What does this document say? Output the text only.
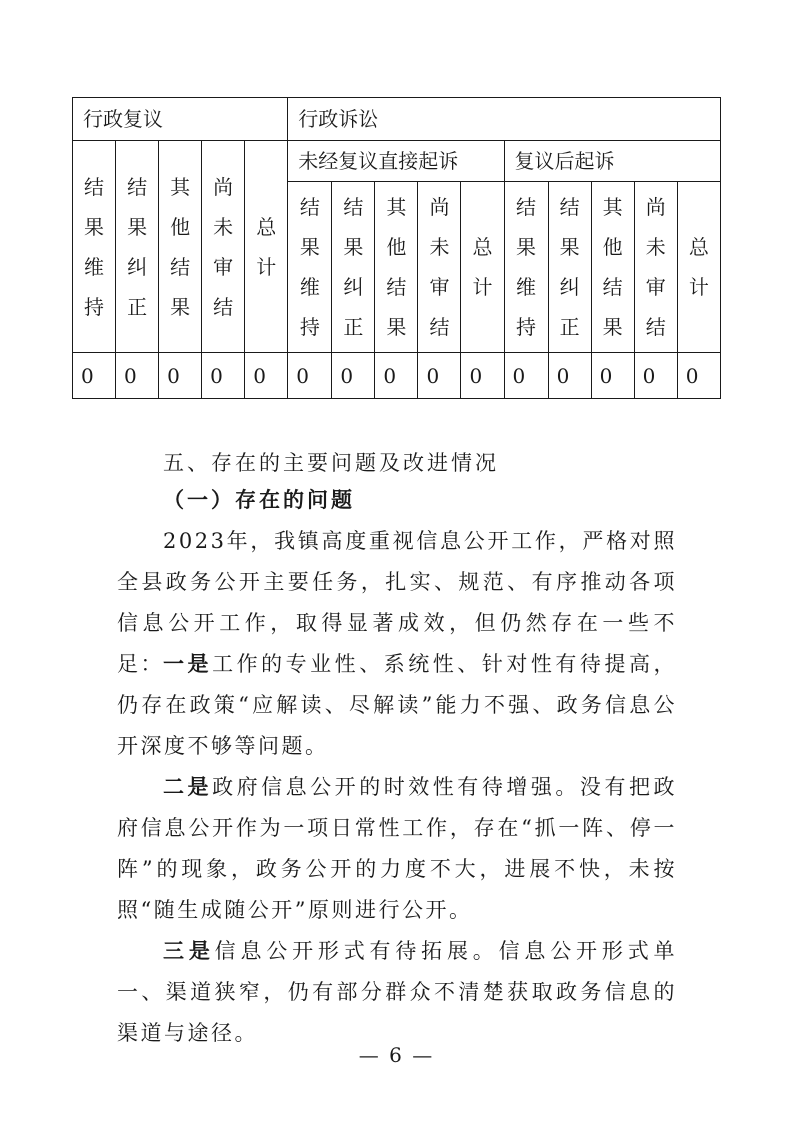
行政复议					行政诉讼									
结果维持	结果纠正	其他结果	尚未审结	总计	未经复议直接起诉					复议后起诉				
					结果维持	结果纠正	其他结果	尚未审结	总计	结果维持	结果纠正	其他结果	尚未审结	总计
0	0	0	0	0	0	0	0	0	0	0	0	0	0	0

五、存在的主要问题及改进情况

（一）存在的问题

2023年，我镇高度重视信息公开工作，严格对照全县政务公开主要任务，扎实、规范、有序推动各项信息公开工作，取得显著成效，但仍然存在一些不足： 一是工作的专业性、系统性、针对性有待提高，仍存在政策“应解读、尽解读”能力不强、政务信息公开深度不够等问题。

二是政府信息公开的时效性有待增强。没有把政府信息公开作为一项日常性工作，存在“抓一阵、停一阵”的现象，政务公开的力度不大，进展不快，未按照“随生成随公开”原则进行公开。

三是信息公开形式有待拓展。信息公开形式单一、渠道狭窄，仍有部分群众不清楚获取政务信息的渠道与途径。

— 6 —
